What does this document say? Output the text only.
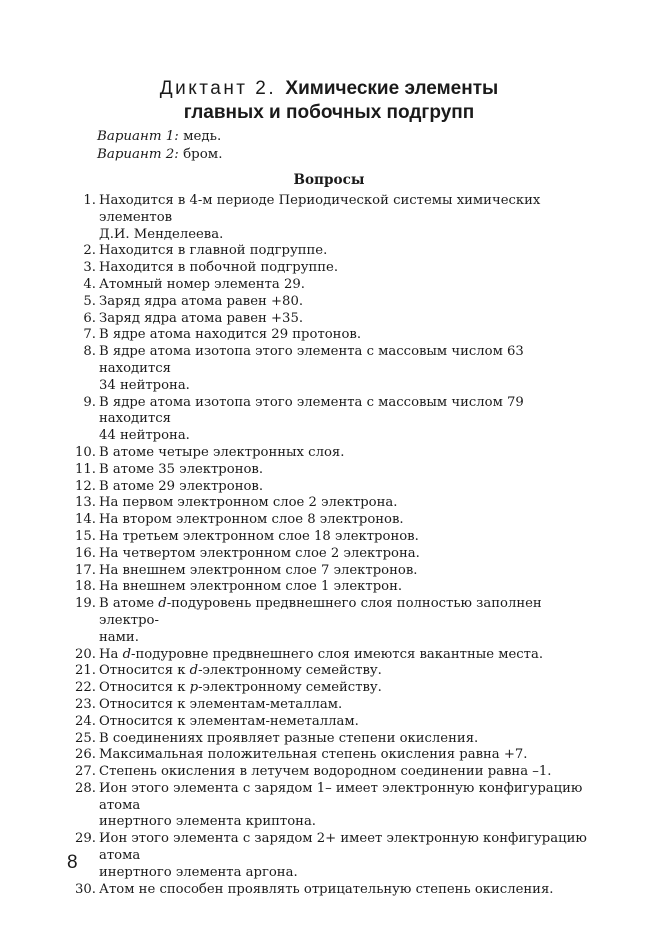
Диктант 2. Химические элементы
главных и побочных подгрупп
Вариант 1: медь.
Вариант 2: бром.
Вопросы
1. Находится в 4-м периоде Периодической системы химических элементов
Д.И. Менделеева.
2. Находится в главной подгруппе.
3. Находится в побочной подгруппе.
4. Атомный номер элемента 29.
5. Заряд ядра атома равен +80.
6. Заряд ядра атома равен +35.
7. В ядре атома находится 29 протонов.
8. В ядре атома изотопа этого элемента с массовым числом 63 находится
34 нейтрона.
9. В ядре атома изотопа этого элемента с массовым числом 79 находится
44 нейтрона.
10. В атоме четыре электронных слоя.
11. В атоме 35 электронов.
12. В атоме 29 электронов.
13. На первом электронном слое 2 электрона.
14. На втором электронном слое 8 электронов.
15. На третьем электронном слое 18 электронов.
16. На четвертом электронном слое 2 электрона.
17. На внешнем электронном слое 7 электронов.
18. На внешнем электронном слое 1 электрон.
19. В атоме d-подуровень предвнешнего слоя полностью заполнен электро-
нами.
20. На d-подуровне предвнешнего слоя имеются вакантные места.
21. Относится к d-электронному семейству.
22. Относится к p-электронному семейству.
23. Относится к элементам-металлам.
24. Относится к элементам-неметаллам.
25. В соединениях проявляет разные степени окисления.
26. Максимальная положительная степень окисления равна +7.
27. Степень окисления в летучем водородном соединении равна –1.
28. Ион этого элемента с зарядом 1– имеет электронную конфигурацию атома
инертного элемента криптона.
29. Ион этого элемента с зарядом 2+ имеет электронную конфигурацию атома
инертного элемента аргона.
30. Атом не способен проявлять отрицательную степень окисления.
8
